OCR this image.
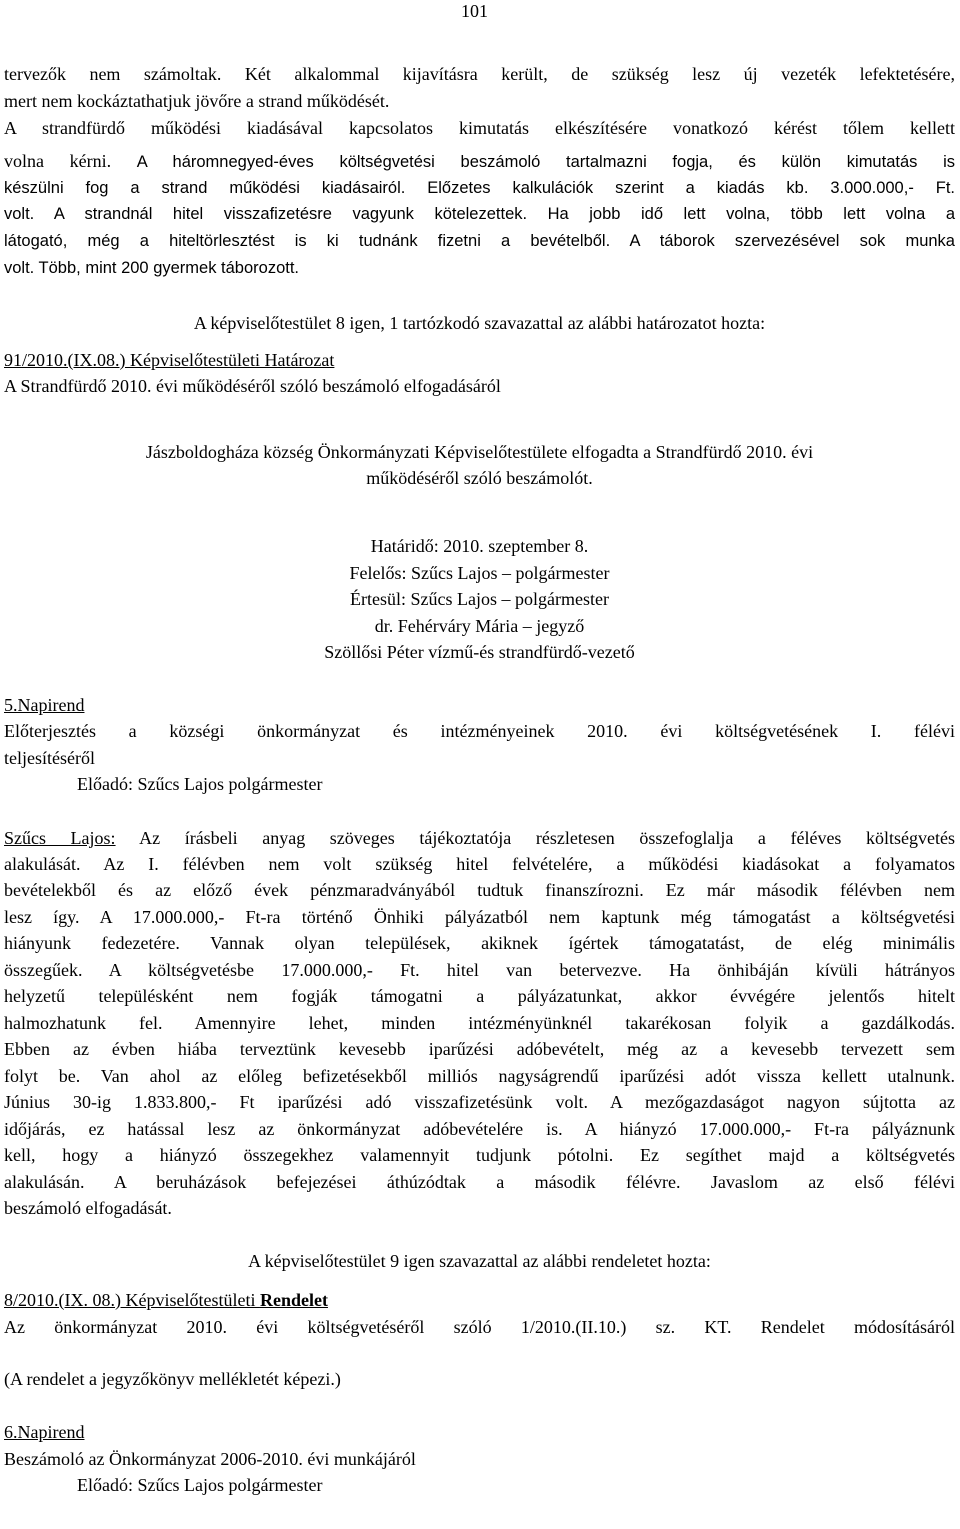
101
tervezők nem számoltak. Két alkalommal kijavításra került, de szükség lesz új vezeték lefektetésére,
mert nem kockáztathatjuk jövőre a strand működését.
A strandfürdő működési kiadásával kapcsolatos kimutatás elkészítésére vonatkozó kérést tőlem kellett
volna kérni. A háromnegyed-éves költségvetési beszámoló tartalmazni fogja, és külön kimutatás is
készülni fog a strand működési kiadásairól. Előzetes kalkulációk szerint a kiadás kb. 3.000.000,- Ft.
volt. A strandnál hitel visszafizetésre vagyunk kötelezettek. Ha jobb idő lett volna, több lett volna a
látogató, még a hiteltörlesztést is ki tudnánk fizetni a bevételből. A táborok szervezésével sok munka
volt. Több, mint 200 gyermek táborozott.
A képviselőtestület 8 igen, 1 tartózkodó szavazattal az alábbi határozatot hozta:
91/2010.(IX.08.) Képviselőtestületi Határozat
A Strandfürdő 2010. évi működéséről szóló beszámoló elfogadásáról
Jászboldogháza község Önkormányzati Képviselőtestülete elfogadta a Strandfürdő 2010. évi
működéséről szóló beszámolót.
Határidő: 2010. szeptember 8.
Felelős: Szűcs Lajos – polgármester
Értesül: Szűcs Lajos – polgármester
dr. Fehérváry Mária – jegyző
Szöllősi Péter vízmű-és strandfürdő-vezető
5.Napirend
Előterjesztés a községi önkormányzat és intézményeinek 2010. évi költségvetésének I. félévi
teljesítéséről
Előadó: Szűcs Lajos polgármester
Szűcs Lajos: Az írásbeli anyag szöveges tájékoztatója részletesen összefoglalja a féléves költségvetés
alakulását. Az I. félévben nem volt szükség hitel felvételére, a működési kiadásokat a folyamatos
bevételekből és az előző évek pénzmaradványából tudtuk finanszírozni. Ez már második félévben nem
lesz így. A 17.000.000,- Ft-ra történő Önhiki pályázatból nem kaptunk még támogatást a költségvetési
hiányunk fedezetére. Vannak olyan települések, akiknek ígértek támogatatást, de elég minimális
összegűek. A költségvetésbe 17.000.000,- Ft. hitel van betervezve. Ha önhibáján kívüli hátrányos
helyzetű településként nem fogják támogatni a pályázatunkat, akkor évvégére jelentős hitelt
halmozhatunk fel. Amennyire lehet, minden intézményünknél takarékosan folyik a gazdálkodás.
Ebben az évben hiába terveztünk kevesebb iparűzési adóbevételt, még az a kevesebb tervezett sem
folyt be. Van ahol az előleg befizetésekből milliós nagyságrendű iparűzési adót vissza kellett utalnunk.
Június 30-ig 1.833.800,- Ft iparűzési adó visszafizetésünk volt. A mezőgazdaságot nagyon sújtotta az
időjárás, ez hatással lesz az önkormányzat adóbevételére is. A hiányzó 17.000.000,- Ft-ra pályáznunk
kell, hogy a hiányzó összegekhez valamennyit tudjunk pótolni. Ez segíthet majd a költségvetés
alakulásán. A beruházások befejezései áthúzódtak a második félévre. Javaslom az első félévi
beszámoló elfogadását.
A képviselőtestület 9 igen szavazattal az alábbi rendeletet hozta:
8/2010.(IX. 08.) Képviselőtestületi Rendelet
Az önkormányzat 2010. évi költségvetéséről szóló 1/2010.(II.10.) sz. KT. Rendelet módosításáról
(A rendelet a jegyzőkönyv mellékletét képezi.)
6.Napirend
Beszámoló az Önkormányzat 2006-2010. évi munkájáról
Előadó: Szűcs Lajos polgármester
